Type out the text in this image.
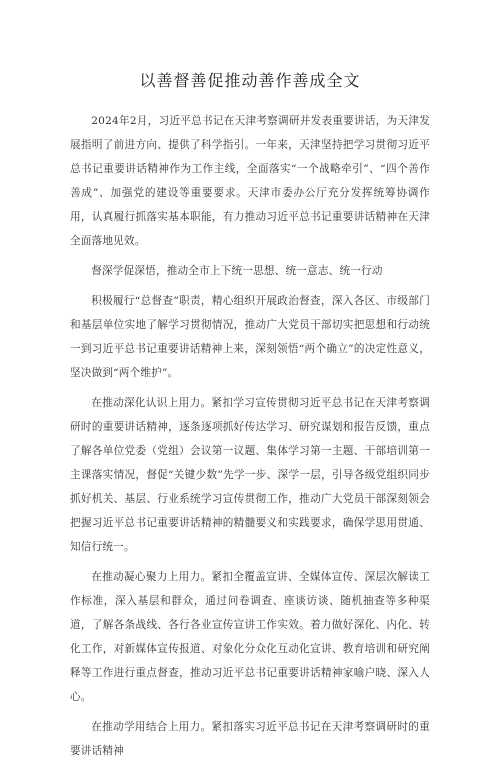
以善督善促推动善作善成全文

2024年2月，习近平总书记在天津考察调研并发表重要讲话，为天津发展指明了前进方向、提供了科学指引。一年来，天津坚持把学习贯彻习近平总书记重要讲话精神作为工作主线，全面落实“一个战略牵引”、“四个善作善成”、加强党的建设等重要要求。天津市委办公厅充分发挥统筹协调作用，认真履行抓落实基本职能，有力推动习近平总书记重要讲话精神在天津全面落地见效。

督深学促深悟，推动全市上下统一思想、统一意志、统一行动

积极履行“总督查”职责，精心组织开展政治督查，深入各区、市级部门和基层单位实地了解学习贯彻情况，推动广大党员干部切实把思想和行动统一到习近平总书记重要讲话精神上来，深刻领悟“两个确立”的决定性意义，坚决做到“两个维护”。

在推动深化认识上用力。紧扣学习宣传贯彻习近平总书记在天津考察调研时的重要讲话精神，逐条逐项抓好传达学习、研究谋划和报告反馈，重点了解各单位党委（党组）会议第一议题、集体学习第一主题、干部培训第一主课落实情况，督促“关键少数”先学一步、深学一层，引导各级党组织同步抓好机关、基层、行业系统学习宣传贯彻工作，推动广大党员干部深刻领会把握习近平总书记重要讲话精神的精髓要义和实践要求，确保学思用贯通、知信行统一。

在推动凝心聚力上用力。紧扣全覆盖宣讲、全媒体宣传、深层次解读工作标准，深入基层和群众，通过问卷调查、座谈访谈、随机抽查等多种渠道，了解各条战线、各行各业宣传宣讲工作实效。着力做好深化、内化、转化工作，对新媒体宣传报道、对象化分众化互动化宣讲、教育培训和研究阐释等工作进行重点督查，推动习近平总书记重要讲话精神家喻户晓、深入人心。

在推动学用结合上用力。紧扣落实习近平总书记在天津考察调研时的重要讲话精神
